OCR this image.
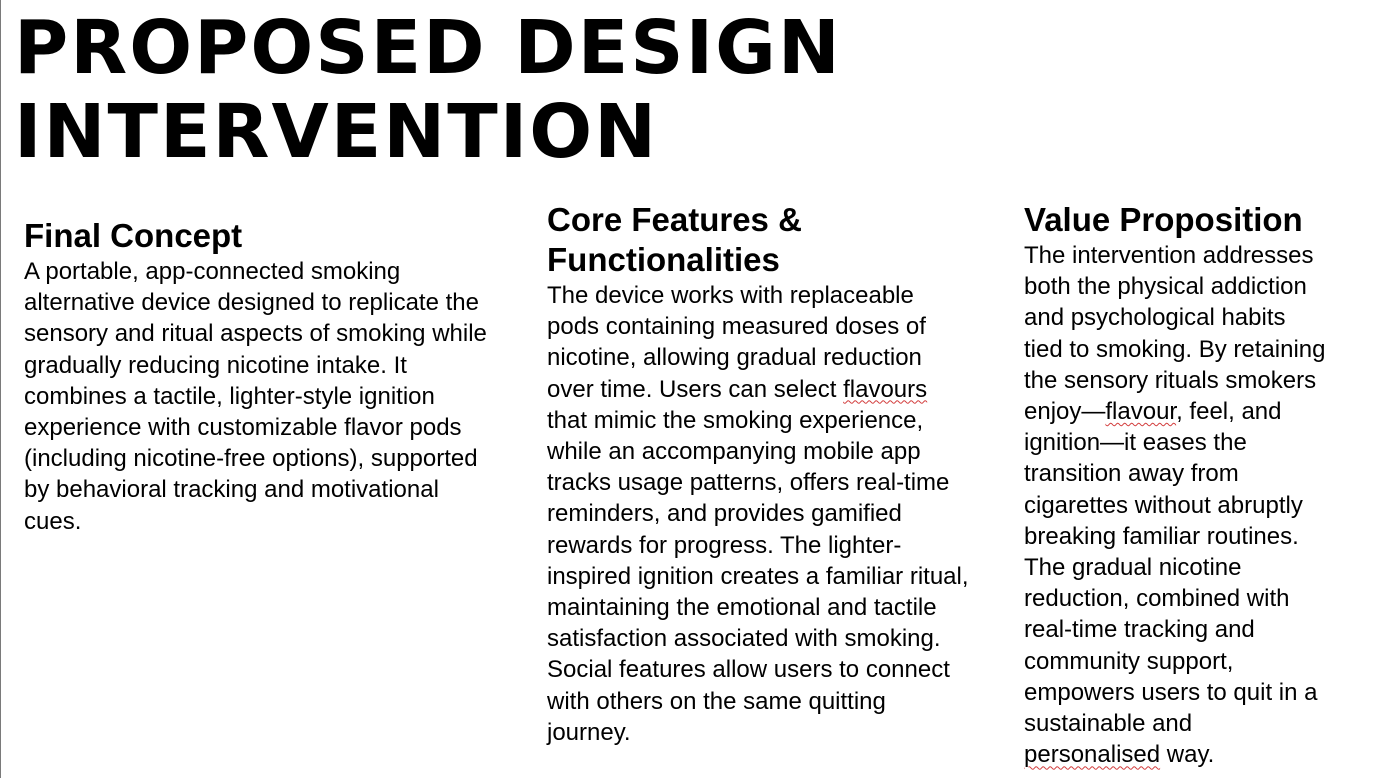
PROPOSED DESIGN
INTERVENTION
Final Concept
A portable, app-connected smoking
alternative device designed to replicate the
sensory and ritual aspects of smoking while
gradually reducing nicotine intake. It
combines a tactile, lighter-style ignition
experience with customizable flavor pods
(including nicotine-free options), supported
by behavioral tracking and motivational
cues.
Core Features &
Functionalities
The device works with replaceable
pods containing measured doses of
nicotine, allowing gradual reduction
over time. Users can select flavours
that mimic the smoking experience,
while an accompanying mobile app
tracks usage patterns, offers real-time
reminders, and provides gamified
rewards for progress. The lighter-
inspired ignition creates a familiar ritual,
maintaining the emotional and tactile
satisfaction associated with smoking.
Social features allow users to connect
with others on the same quitting
journey.
Value Proposition
The intervention addresses
both the physical addiction
and psychological habits
tied to smoking. By retaining
the sensory rituals smokers
enjoy—flavour, feel, and
ignition—it eases the
transition away from
cigarettes without abruptly
breaking familiar routines.
The gradual nicotine
reduction, combined with
real-time tracking and
community support,
empowers users to quit in a
sustainable and
personalised way.
